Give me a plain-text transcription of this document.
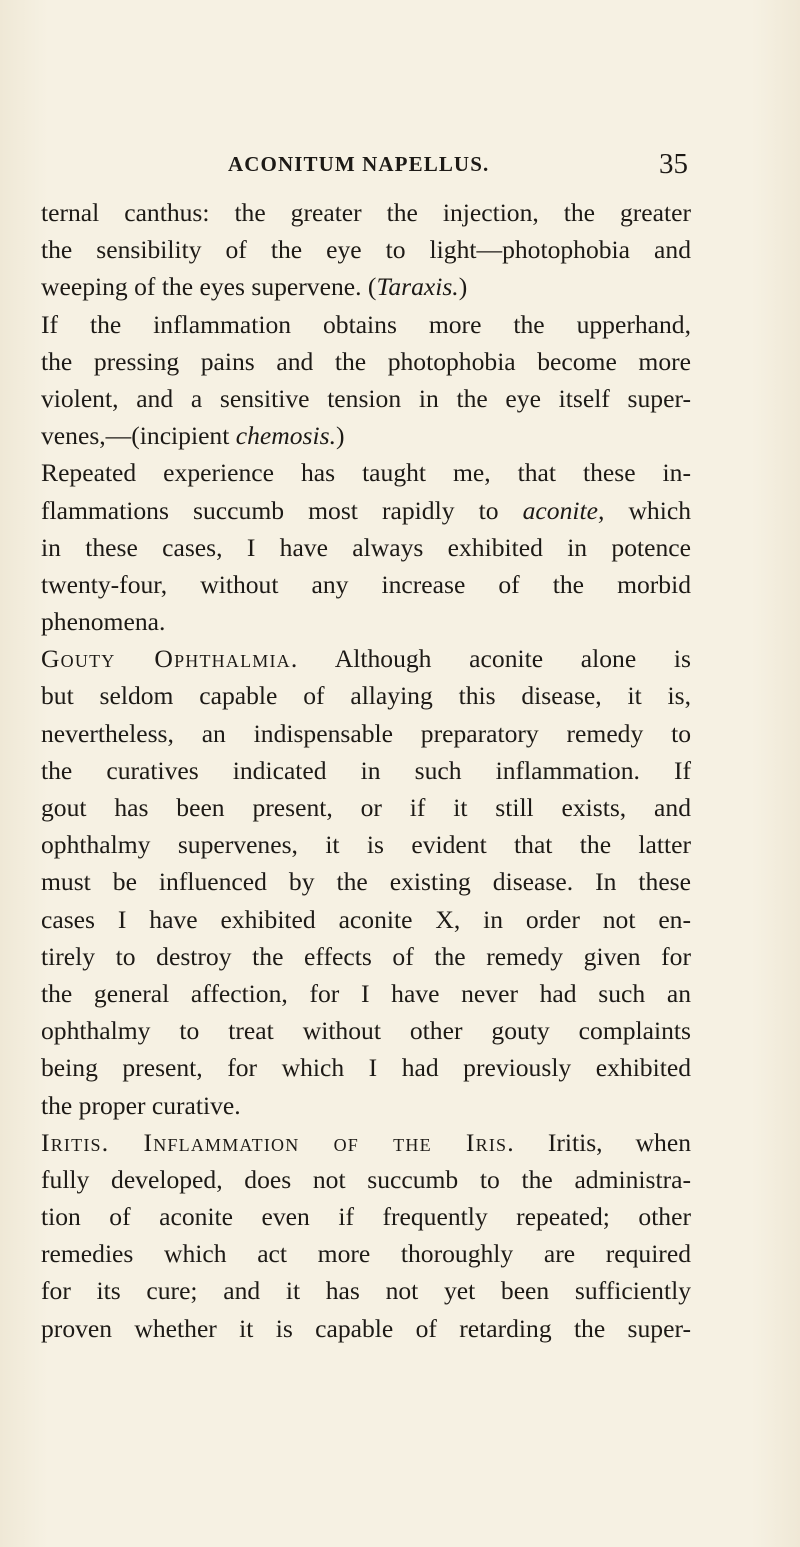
ACONITUM NAPELLUS.	35
ternal canthus: the greater the injection, the greater
the sensibility of the eye to light—photophobia and
weeping of the eyes supervene. (Taraxis.)
If the inflammation obtains more the upperhand,
the pressing pains and the photophobia become more
violent, and a sensitive tension in the eye itself super-
venes,—(incipient chemosis.)
Repeated experience has taught me, that these in-
flammations succumb most rapidly to aconite, which
in these cases, I have always exhibited in potence
twenty-four, without any increase of the morbid
phenomena.
Gouty Ophthalmia. Although aconite alone is
but seldom capable of allaying this disease, it is,
nevertheless, an indispensable preparatory remedy to
the curatives indicated in such inflammation. If
gout has been present, or if it still exists, and
ophthalmy supervenes, it is evident that the latter
must be influenced by the existing disease. In these
cases I have exhibited aconite X, in order not en-
tirely to destroy the effects of the remedy given for
the general affection, for I have never had such an
ophthalmy to treat without other gouty complaints
being present, for which I had previously exhibited
the proper curative.
Iritis. Inflammation of the Iris. Iritis, when
fully developed, does not succumb to the administra-
tion of aconite even if frequently repeated; other
remedies which act more thoroughly are required
for its cure; and it has not yet been sufficiently
proven whether it is capable of retarding the super-
